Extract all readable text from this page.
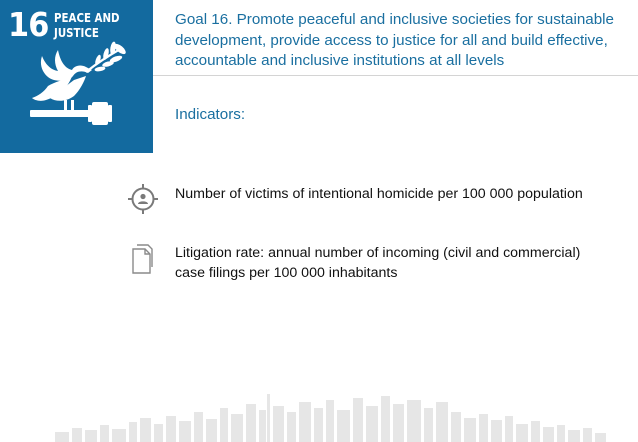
16 PEACE AND
JUSTICE
Goal 16. Promote peaceful and inclusive societies for sustainable development, provide access to justice for all and build effective, accountable and inclusive institutions at all levels
Indicators:
Number of victims of intentional homicide per 100 000 population
Litigation rate: annual number of incoming (civil and commercial) case filings per 100 000 inhabitants
